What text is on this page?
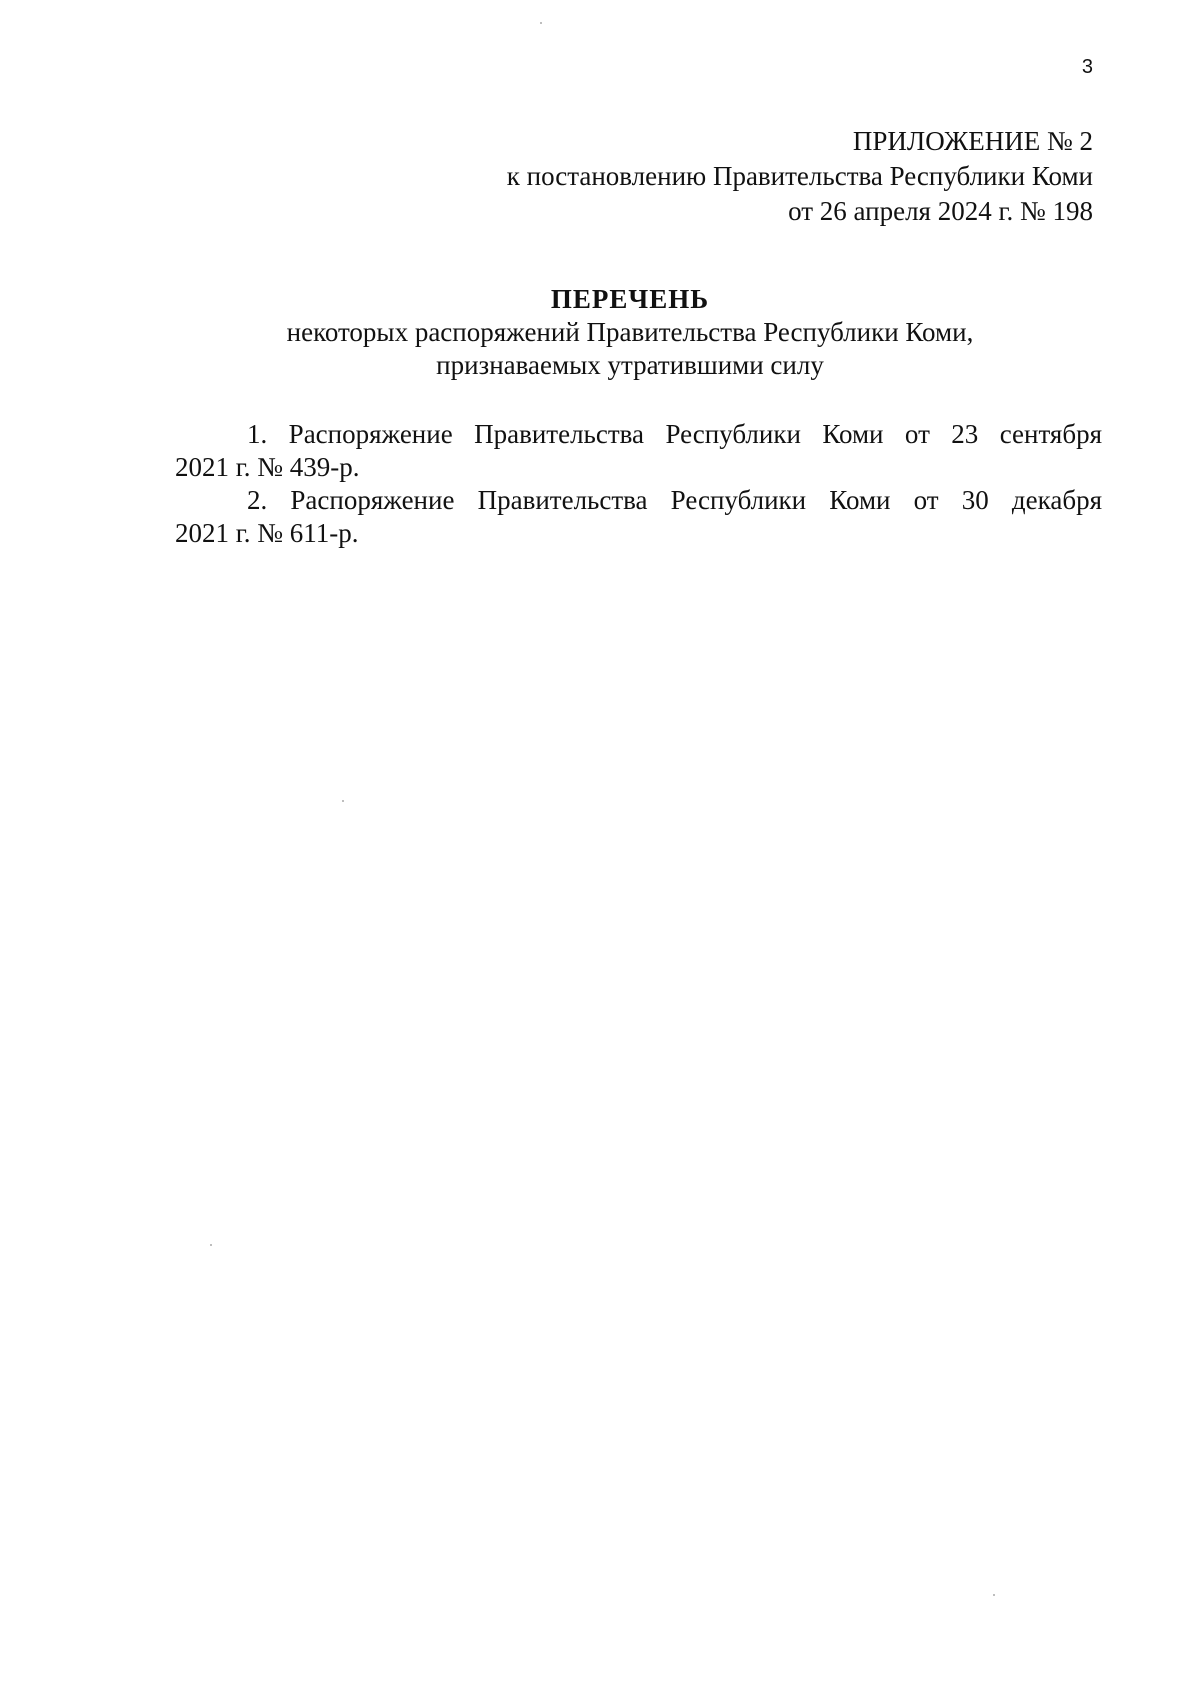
3
ПРИЛОЖЕНИЕ № 2
к постановлению Правительства Республики Коми
от 26 апреля 2024 г. № 198
ПЕРЕЧЕНЬ
некоторых распоряжений Правительства Республики Коми,
признаваемых утратившими силу
1. Распоряжение Правительства Республики Коми от 23 сентября
2021 г. № 439-р.
2. Распоряжение Правительства Республики Коми от 30 декабря
2021 г. № 611-р.
